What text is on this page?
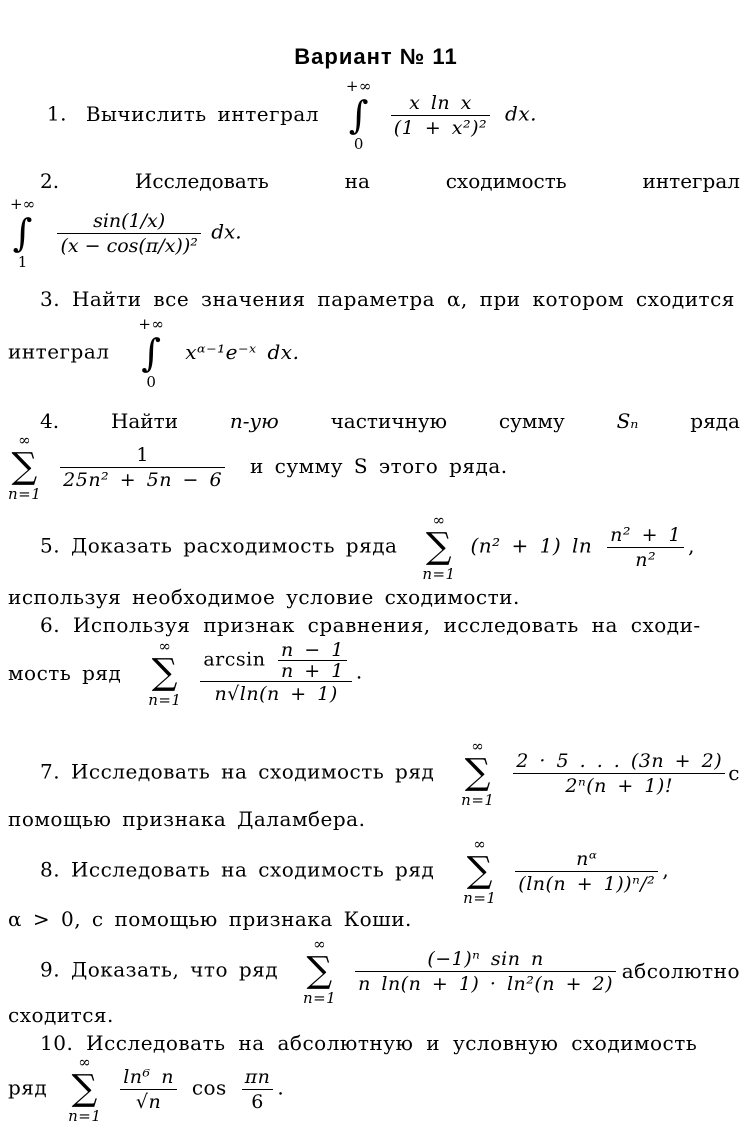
Вариант № 11
1. Вычислить интеграл
+∞
∫
0

$\frac{\text{x ln x}}{\text{(1 + x²)²}}$ dx.
2.	Исследовать	на	сходимость	интеграл
+∞
∫
1

$\frac{\sin(1/x)}{\text{(x − cos(π/x))²}}$ dx.
3. Найти все значения параметра α, при котором сходится
интеграл
+∞
∫
0
xᵅ⁻¹e⁻ˣ dx.
4.	Найти	n-ую	частичную	сумму	Sₙ	ряда
∞
∑
n=1

$\frac{1}{\text{25n² + 5n − 6}}$ и сумму S этого ряда.
5. Доказать расходимость ряда
∞
∑
n=1
(n² + 1) $\ln \frac{\text{n² + 1}}{\text{n²}}$ ,
используя необходимое условие сходимости.
6. Используя признак сравнения, исследовать на сходи-
мость ряд
∞
∑
n=1
$\frac{\arcsin \frac{n - 1}{n + 1}}{n√\ln(n + 1)}$ .
7. Исследовать на сходимость ряд
∞
∑
n=1

$\frac{2 \cdot 5 . . . (3n + 2)}{\text{2ⁿ(n + 1)!}}$ с
помощью признака Даламбера.
8. Исследовать на сходимость ряд
∞
∑
n=1

$\frac{\text{nᵅ}}{\text{(ln(n + 1))ⁿ/²}}$ ,
α > 0, с помощью признака Коши.
9. Доказать, что ряд
∞
∑
n=1

$\frac{\text{(−1)ⁿ sin n}}{\text{n ln(n + 1) · ln²(n + 2)}}$ абсолютно
сходится.
10. Исследовать на абсолютную и условную сходимость
ряд
∞
∑
n=1

$\frac{\text{ln⁶ n}}{√n}$ $\cos \frac{\pi n}{6}$ .
